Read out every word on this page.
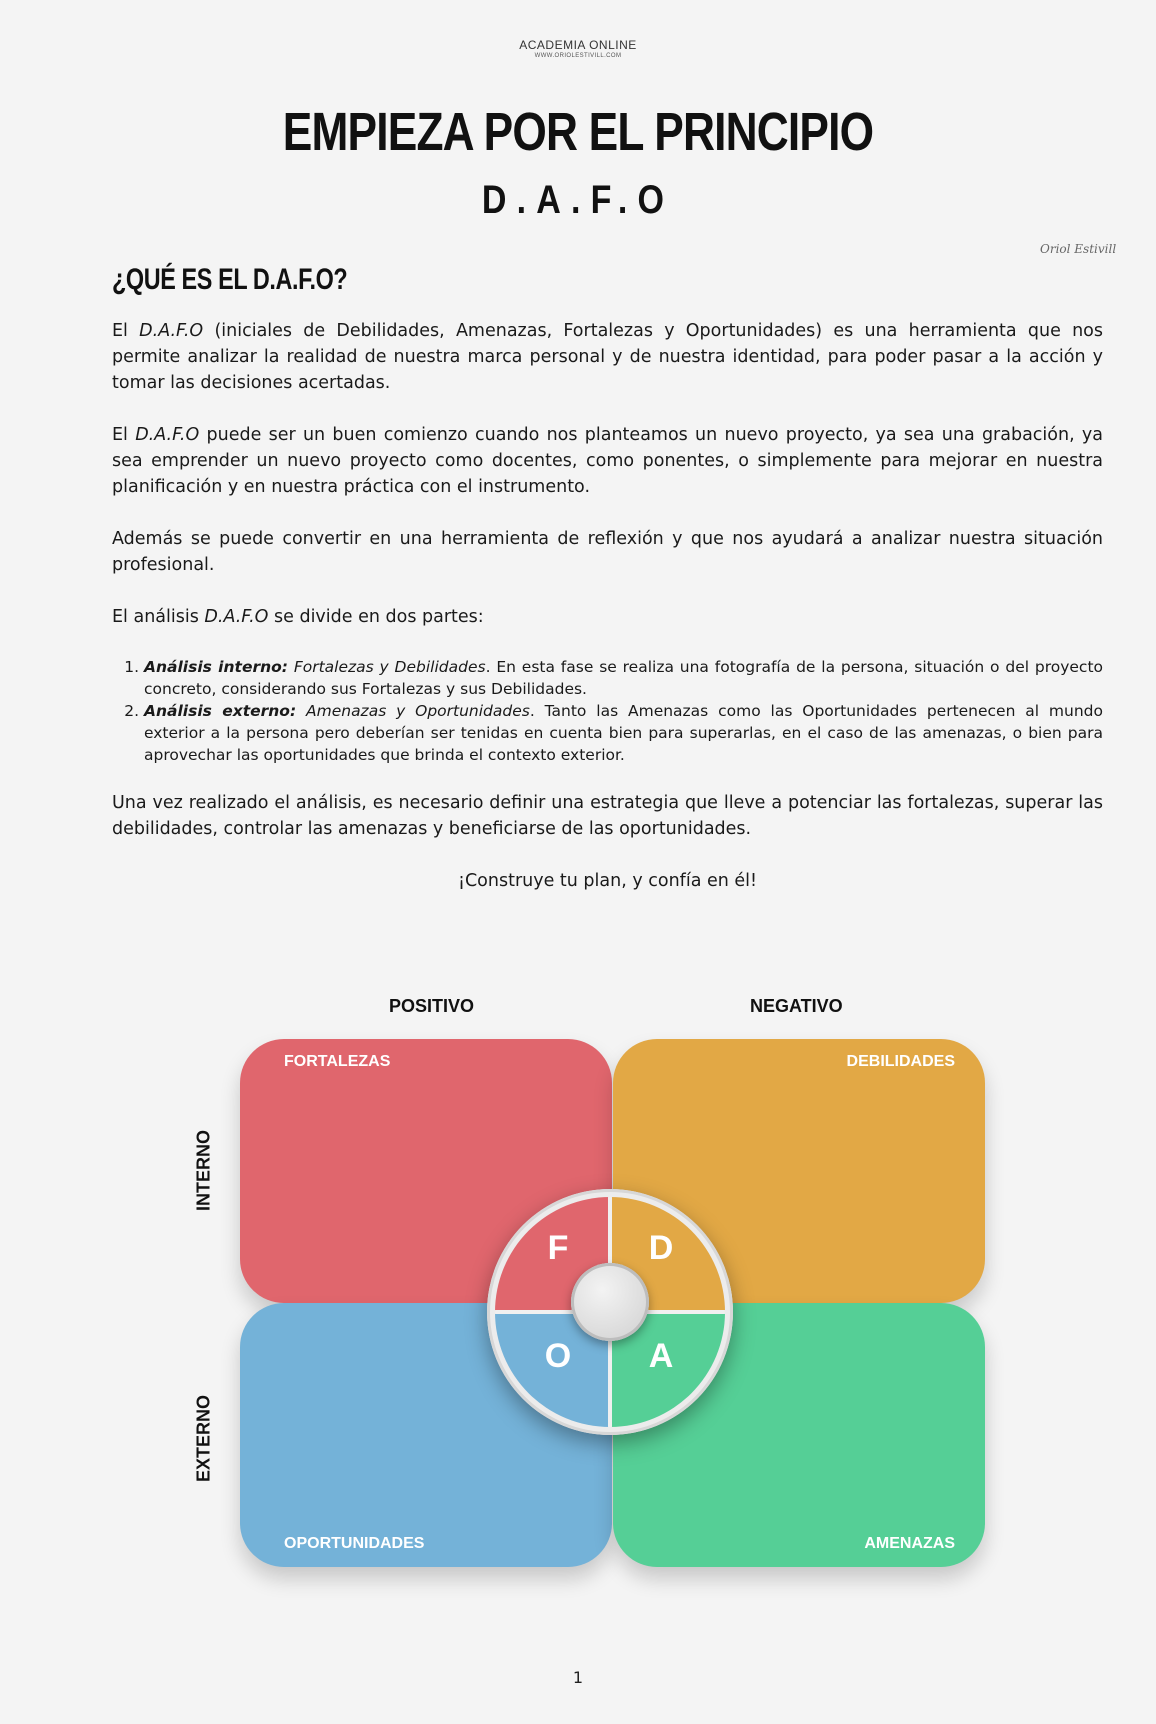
ACADEMIA ONLINE
WWW.ORIOLESTIVILL.COM
EMPIEZA POR EL PRINCIPIO
D.A.F.O
Oriol Estivill
¿QUÉ ES EL D.A.F.O?

El D.A.F.O (iniciales de Debilidades, Amenazas, Fortalezas y Oportunidades) es una herramienta que nos permite analizar la realidad de nuestra marca personal y de nuestra identidad, para poder pasar a la acción y tomar las decisiones acertadas.

El D.A.F.O puede ser un buen comienzo cuando nos planteamos un nuevo proyecto, ya sea una grabación, ya sea emprender un nuevo proyecto como docentes, como ponentes, o simplemente para mejorar en nuestra planificación y en nuestra práctica con el instrumento.

Además se puede convertir en una herramienta de reflexión y que nos ayudará a analizar nuestra situación profesional.

El análisis D.A.F.O se divide en dos partes:

1. Análisis interno: Fortalezas y Debilidades. En esta fase se realiza una fotografía de la persona, situación o del proyecto concreto, considerando sus Fortalezas y sus Debilidades.
2. Análisis externo: Amenazas y Oportunidades. Tanto las Amenazas como las Oportunidades pertenecen al mundo exterior a la persona pero deberían ser tenidas en cuenta bien para superarlas, en el caso de las amenazas, o bien para aprovechar las oportunidades que brinda el contexto exterior.

Una vez realizado el análisis, es necesario definir una estrategia que lleve a potenciar las fortalezas, superar las debilidades, controlar las amenazas y beneficiarse de las oportunidades.

¡Construye tu plan, y confía en él!

POSITIVO	NEGATIVO
INTERNO
EXTERNO
FORTALEZAS	DEBILIDADES
OPORTUNIDADES	AMENAZAS
F D
O A
1
